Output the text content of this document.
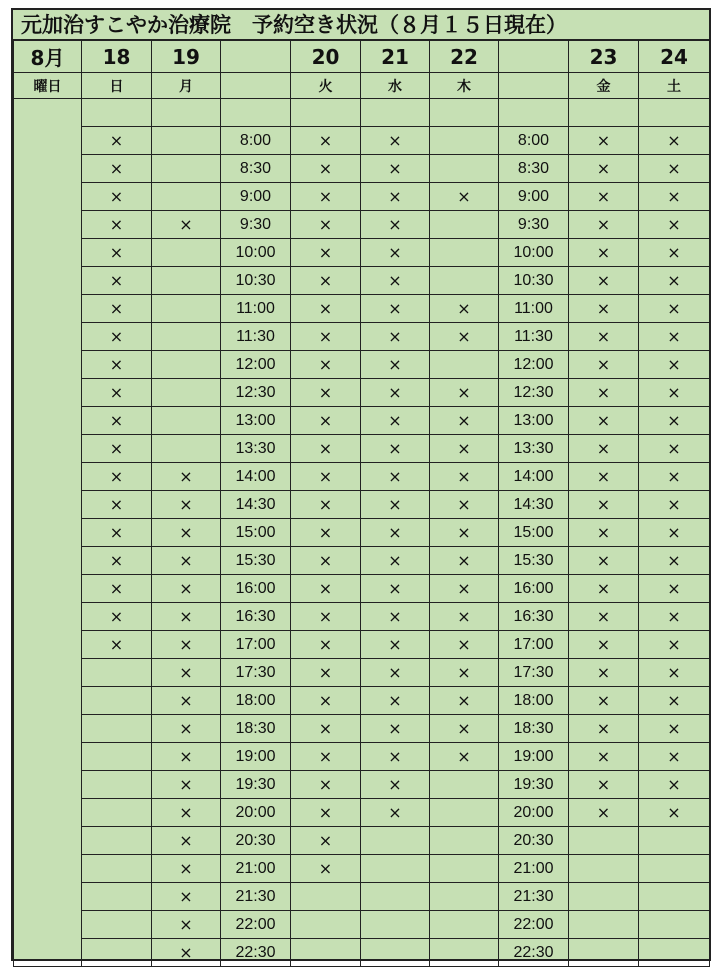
元加治すこやか治療院　予約空き状況（８月１５日現在）
8月	18	19		20	21	22		23	24
曜日	日	月		火	水	木		金	土

	×		8:00	×	×		8:00	×	×
	×		8:30	×	×		8:30	×	×
	×		9:00	×	×	×	9:00	×	×
	×	×	9:30	×	×		9:30	×	×
	×		10:00	×	×		10:00	×	×
	×		10:30	×	×		10:30	×	×
	×		11:00	×	×	×	11:00	×	×
	×		11:30	×	×	×	11:30	×	×
	×		12:00	×	×		12:00	×	×
	×		12:30	×	×	×	12:30	×	×
	×		13:00	×	×	×	13:00	×	×
	×		13:30	×	×	×	13:30	×	×
	×	×	14:00	×	×	×	14:00	×	×
	×	×	14:30	×	×	×	14:30	×	×
	×	×	15:00	×	×	×	15:00	×	×
	×	×	15:30	×	×	×	15:30	×	×
	×	×	16:00	×	×	×	16:00	×	×
	×	×	16:30	×	×	×	16:30	×	×
	×	×	17:00	×	×	×	17:00	×	×
		×	17:30	×	×	×	17:30	×	×
		×	18:00	×	×	×	18:00	×	×
		×	18:30	×	×	×	18:30	×	×
		×	19:00	×	×	×	19:00	×	×
		×	19:30	×	×		19:30	×	×
		×	20:00	×	×		20:00	×	×
		×	20:30	×			20:30		
		×	21:00	×			21:00		
		×	21:30				21:30		
		×	22:00				22:00		
		×	22:30				22:30		
